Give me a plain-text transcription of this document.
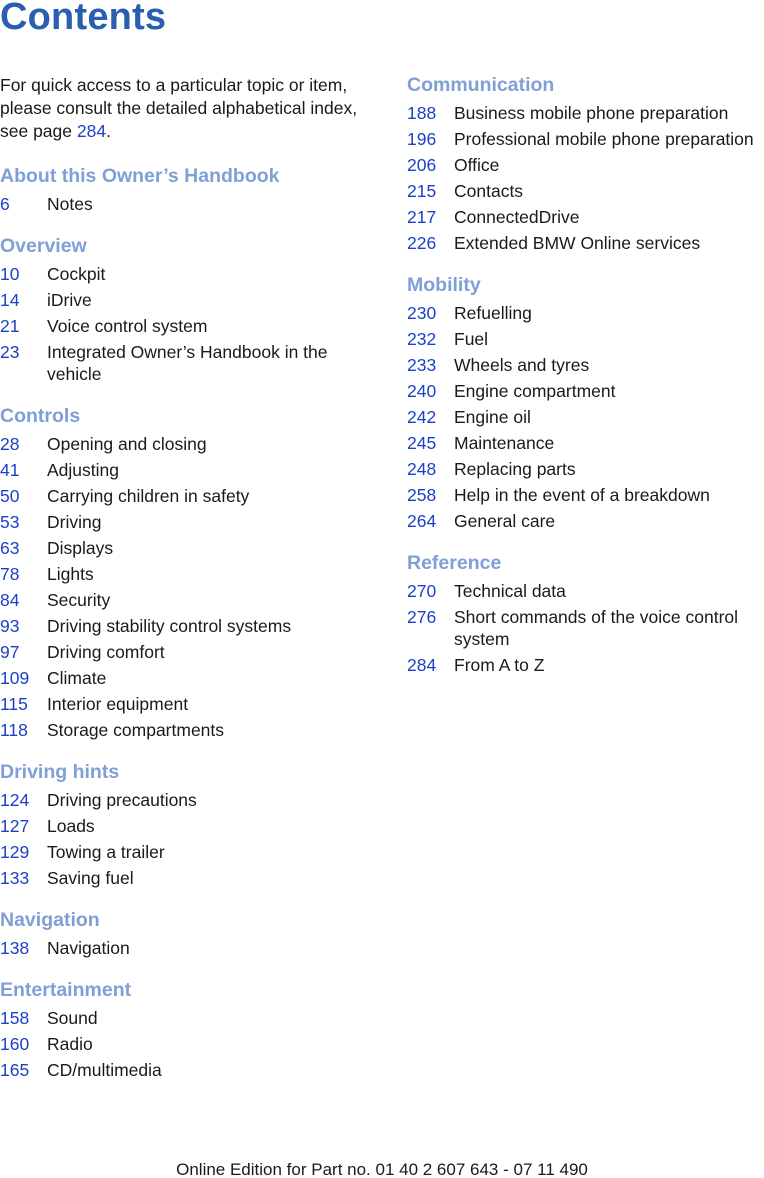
Contents

For quick access to a particular topic or item, please consult the detailed alphabetical index, see page 284.

About this Owner’s Handbook
6	Notes
Overview
10	Cockpit
14	iDrive
21	Voice control system
23	Integrated Owner’s Handbook in the vehicle
Controls
28	Opening and closing
41	Adjusting
50	Carrying children in safety
53	Driving
63	Displays
78	Lights
84	Security
93	Driving stability control systems
97	Driving comfort
109	Climate
115	Interior equipment
118	Storage compartments
Driving hints
124	Driving precautions
127	Loads
129	Towing a trailer
133	Saving fuel
Navigation
138	Navigation
Entertainment
158	Sound
160	Radio
165	CD/multimedia
Communication
188	Business mobile phone preparation
196	Professional mobile phone preparation
206	Office
215	Contacts
217	ConnectedDrive
226	Extended BMW Online services
Mobility
230	Refuelling
232	Fuel
233	Wheels and tyres
240	Engine compartment
242	Engine oil
245	Maintenance
248	Replacing parts
258	Help in the event of a breakdown
264	General care
Reference
270	Technical data
276	Short commands of the voice control system
284	From A to Z

Online Edition for Part no. 01 40 2 607 643 - 07 11 490
